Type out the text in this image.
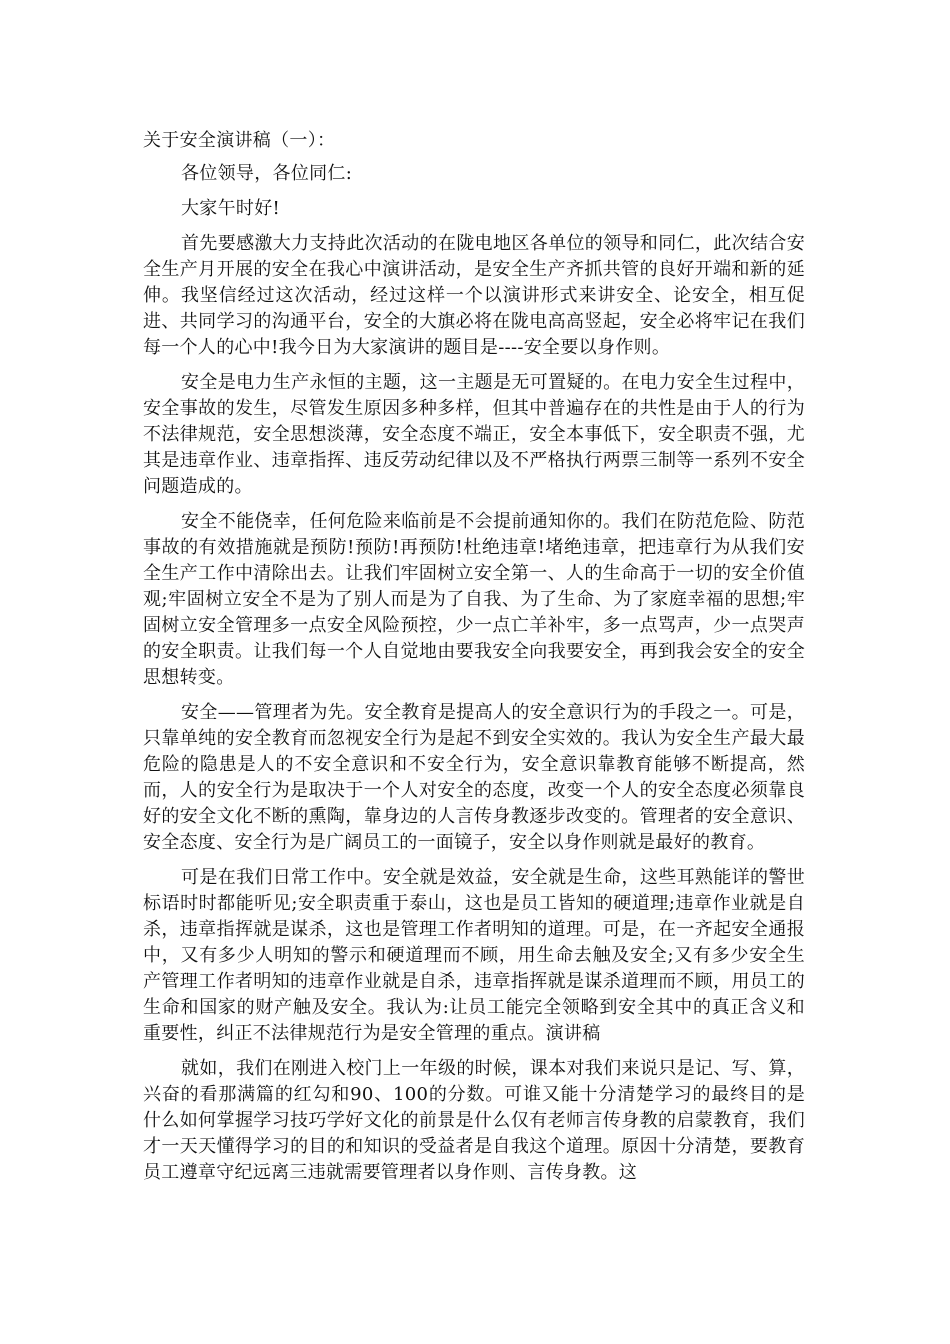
关于安全演讲稿（一）：

各位领导，各位同仁:

大家午时好!

首先要感激大力支持此次活动的在陇电地区各单位的领导和同仁，此次结合安全生产月开展的安全在我心中演讲活动，是安全生产齐抓共管的良好开端和新的延伸。我坚信经过这次活动，经过这样一个以演讲形式来讲安全、论安全，相互促进、共同学习的沟通平台，安全的大旗必将在陇电高高竖起，安全必将牢记在我们每一个人的心中!我今日为大家演讲的题目是----安全要以身作则。

安全是电力生产永恒的主题，这一主题是无可置疑的。在电力安全生过程中，安全事故的发生，尽管发生原因多种多样，但其中普遍存在的共性是由于人的行为不法律规范，安全思想淡薄，安全态度不端正，安全本事低下，安全职责不强，尤其是违章作业、违章指挥、违反劳动纪律以及不严格执行两票三制等一系列不安全问题造成的。

安全不能侥幸，任何危险来临前是不会提前通知你的。我们在防范危险、防范事故的有效措施就是预防!预防!再预防!杜绝违章!堵绝违章，把违章行为从我们安全生产工作中清除出去。让我们牢固树立安全第一、人的生命高于一切的安全价值观;牢固树立安全不是为了别人而是为了自我、为了生命、为了家庭幸福的思想;牢固树立安全管理多一点安全风险预控，少一点亡羊补牢，多一点骂声，少一点哭声的安全职责。让我们每一个人自觉地由要我安全向我要安全，再到我会安全的安全思想转变。

安全——管理者为先。安全教育是提高人的安全意识行为的手段之一。可是，只靠单纯的安全教育而忽视安全行为是起不到安全实效的。我认为安全生产最大最危险的隐患是人的不安全意识和不安全行为，安全意识靠教育能够不断提高，然而，人的安全行为是取决于一个人对安全的态度，改变一个人的安全态度必须靠良好的安全文化不断的熏陶，靠身边的人言传身教逐步改变的。管理者的安全意识、安全态度、安全行为是广阔员工的一面镜子，安全以身作则就是最好的教育。

可是在我们日常工作中。安全就是效益，安全就是生命，这些耳熟能详的警世标语时时都能听见;安全职责重于泰山，这也是员工皆知的硬道理;违章作业就是自杀，违章指挥就是谋杀，这也是管理工作者明知的道理。可是，在一齐起安全通报中，又有多少人明知的警示和硬道理而不顾，用生命去触及安全;又有多少安全生产管理工作者明知的违章作业就是自杀，违章指挥就是谋杀道理而不顾，用员工的生命和国家的财产触及安全。我认为:让员工能完全领略到安全其中的真正含义和重要性，纠正不法律规范行为是安全管理的重点。演讲稿

就如，我们在刚进入校门上一年级的时候，课本对我们来说只是记、写、算，兴奋的看那满篇的红勾和90、100的分数。可谁又能十分清楚学习的最终目的是什么如何掌握学习技巧学好文化的前景是什么仅有老师言传身教的启蒙教育，我们才一天天懂得学习的目的和知识的受益者是自我这个道理。原因十分清楚，要教育员工遵章守纪远离三违就需要管理者以身作则、言传身教。这
